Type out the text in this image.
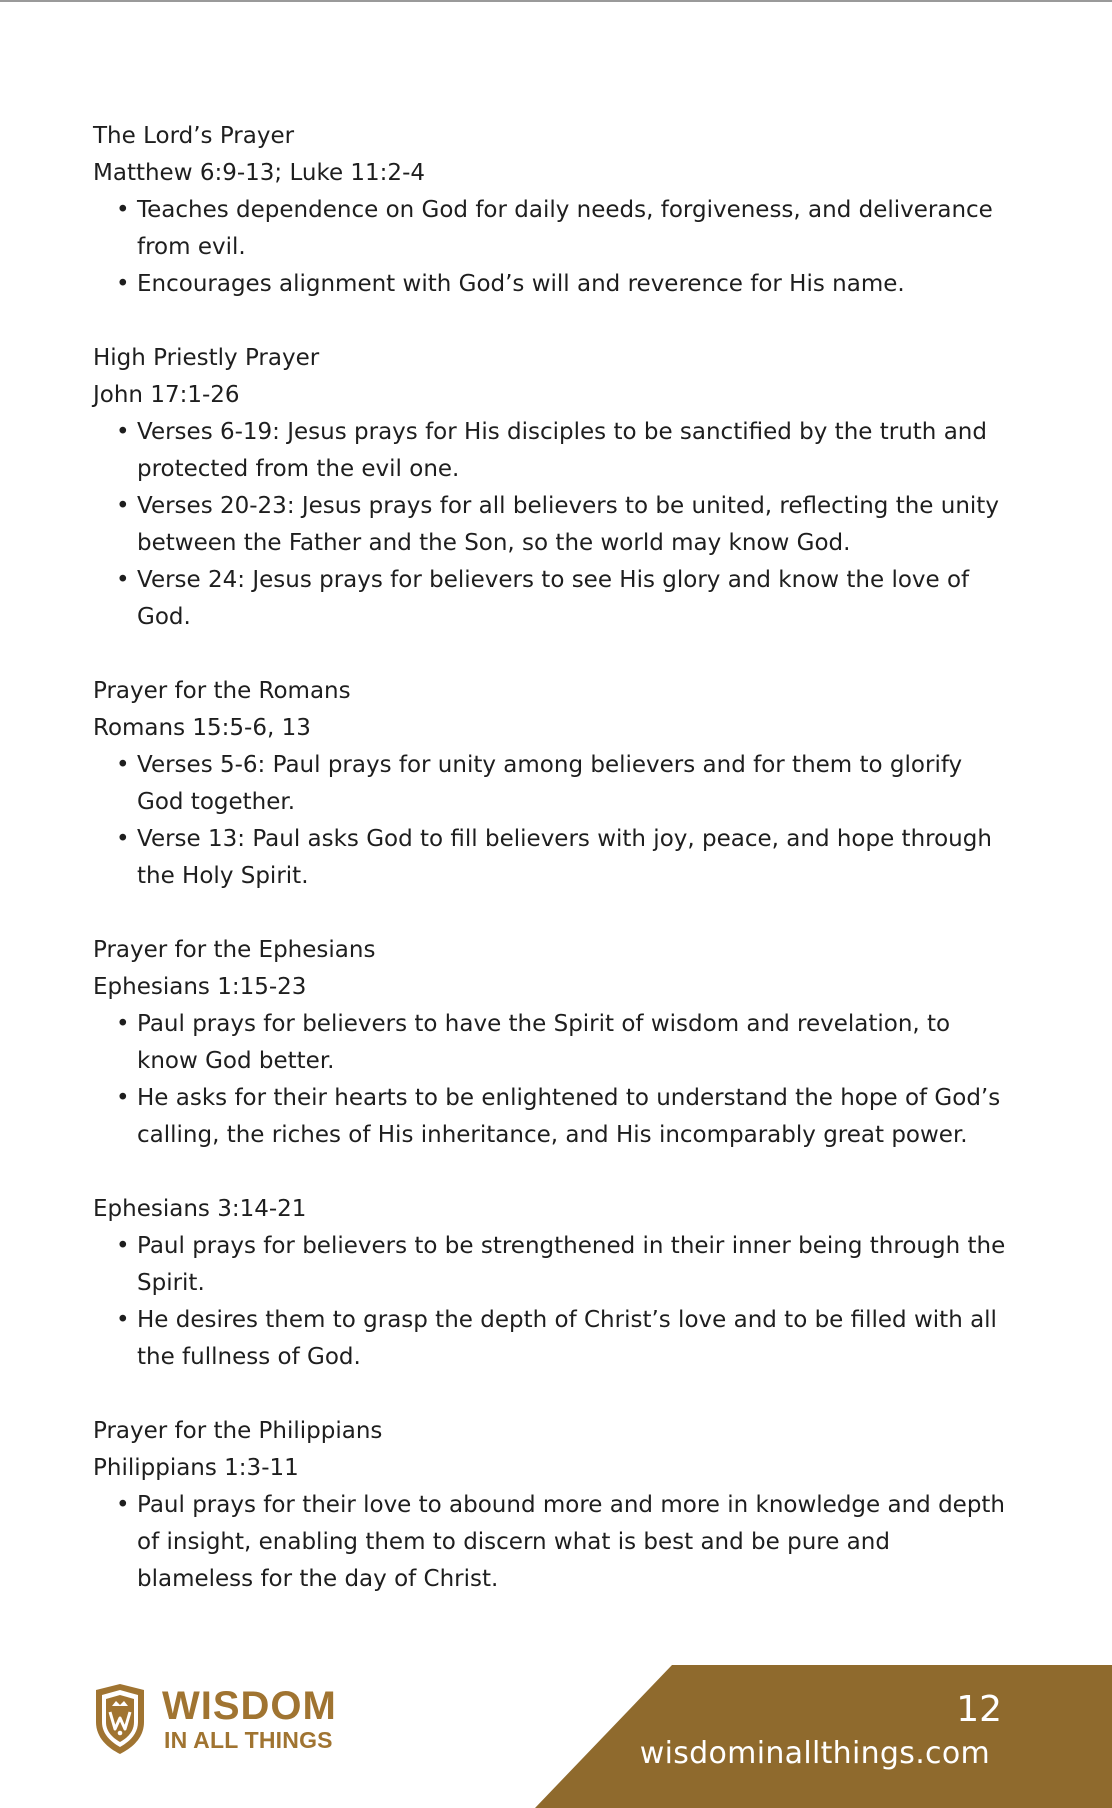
The Lord’s Prayer

Matthew 6:9-13; Luke 11:2-4

• Teaches dependence on God for daily needs, forgiveness, and deliverance from evil.
• Encourages alignment with God’s will and reverence for His name.
High Priestly Prayer

John 17:1-26

• Verses 6-19: Jesus prays for His disciples to be sanctified by the truth and protected from the evil one.
• Verses 20-23: Jesus prays for all believers to be united, reflecting the unity between the Father and the Son, so the world may know God.
• Verse 24: Jesus prays for believers to see His glory and know the love of God.
Prayer for the Romans

Romans 15:5-6, 13

• Verses 5-6: Paul prays for unity among believers and for them to glorify God together.
• Verse 13: Paul asks God to fill believers with joy, peace, and hope through the Holy Spirit.
Prayer for the Ephesians

Ephesians 1:15-23

• Paul prays for believers to have the Spirit of wisdom and revelation, to know God better.
• He asks for their hearts to be enlightened to understand the hope of God’s calling, the riches of His inheritance, and His incomparably great power.

Ephesians 3:14-21

• Paul prays for believers to be strengthened in their inner being through the Spirit.
• He desires them to grasp the depth of Christ’s love and to be filled with all the fullness of God.
Prayer for the Philippians

Philippians 1:3-11

• Paul prays for their love to abound more and more in knowledge and depth of insight, enabling them to discern what is best and be pure and blameless for the day of Christ.
12
wisdominallthings.com
WISDOM
IN ALL THINGS
